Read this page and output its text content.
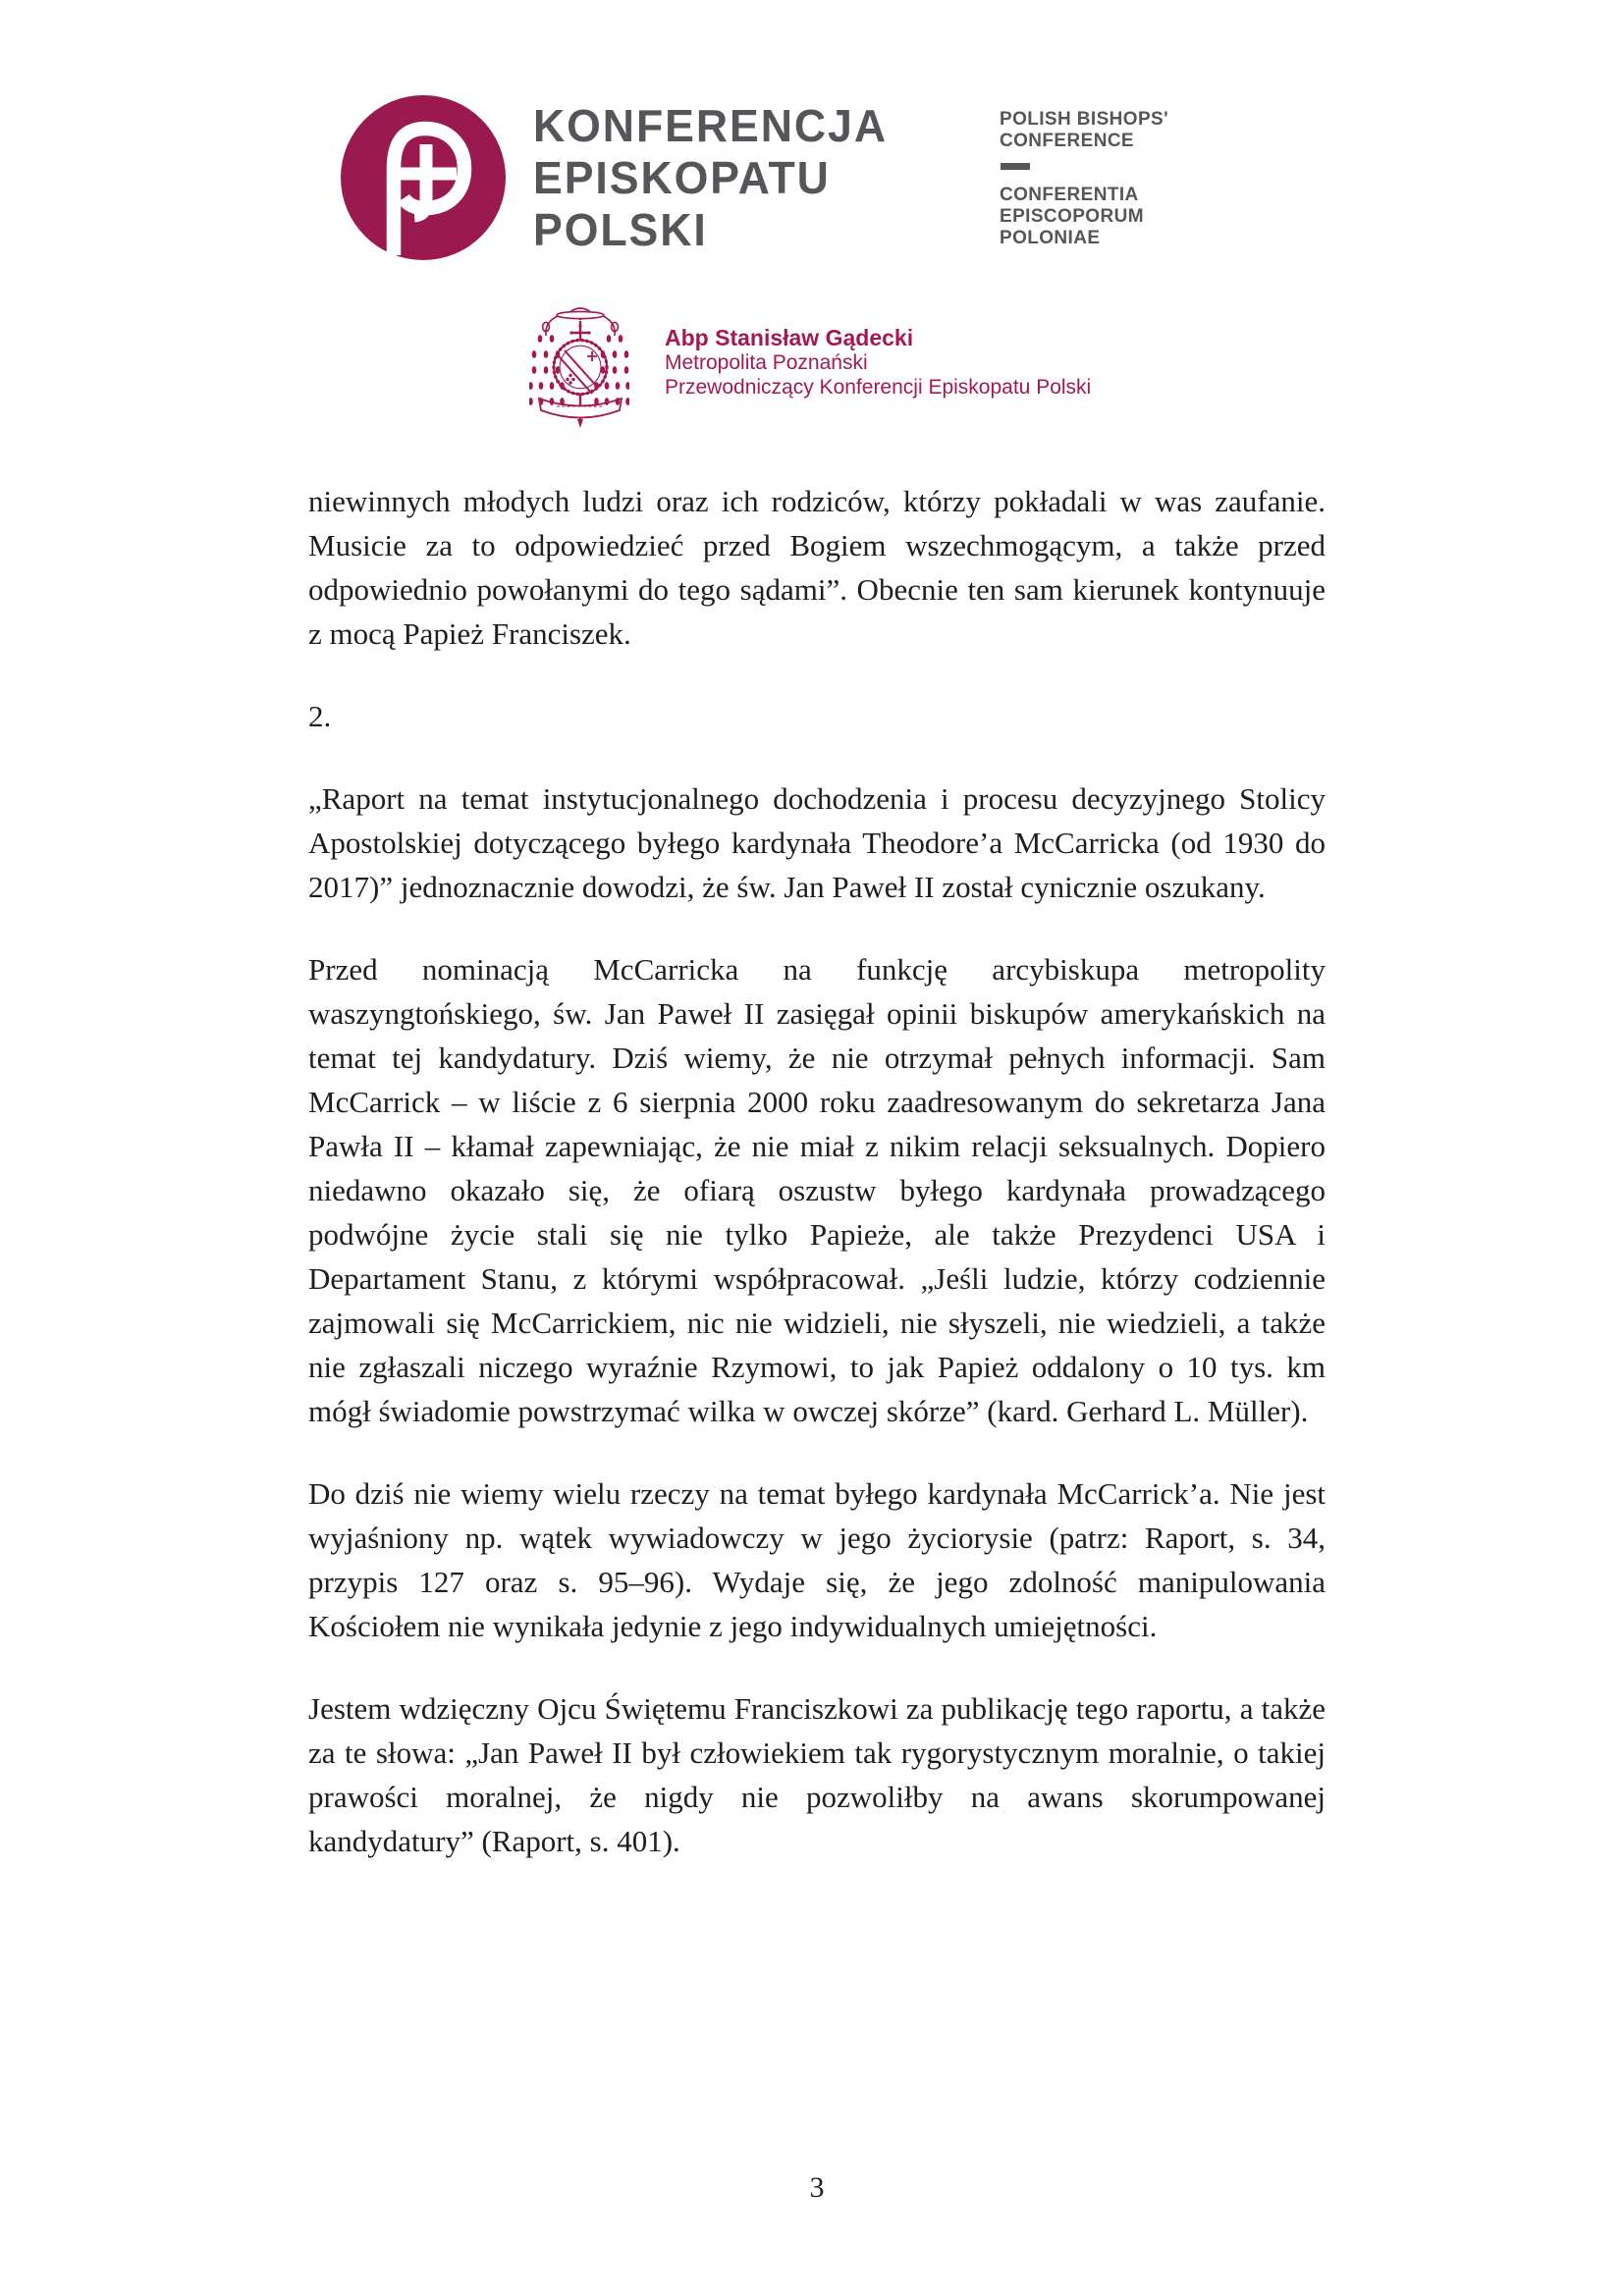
KONFERENCJA
EPISKOPATU
POLSKI
POLISH BISHOPS'
CONFERENCE
CONFERENTIA
EPISCOPORUM
POLONIAE
Abp Stanisław Gądecki
Metropolita Poznański
Przewodniczący Konferencji Episkopatu Polski

niewinnych młodych ludzi oraz ich rodziców, którzy pokładali w was zaufanie. Musicie za to odpowiedzieć przed Bogiem wszechmogącym, a także przed odpowiednio powołanymi do tego sądami”. Obecnie ten sam kierunek kontynuuje z mocą Papież Franciszek.

2.

„Raport na temat instytucjonalnego dochodzenia i procesu decyzyjnego Stolicy Apostolskiej dotyczącego byłego kardynała Theodore’a McCarricka (od 1930 do 2017)” jednoznacznie dowodzi, że św. Jan Paweł II został cynicznie oszukany.

Przed nominacją McCarricka na funkcję arcybiskupa metropolity waszyngtońskiego, św. Jan Paweł II zasięgał opinii biskupów amerykańskich na temat tej kandydatury. Dziś wiemy, że nie otrzymał pełnych informacji. Sam McCarrick – w liście z 6 sierpnia 2000 roku zaadresowanym do sekretarza Jana Pawła II – kłamał zapewniając, że nie miał z nikim relacji seksualnych. Dopiero niedawno okazało się, że ofiarą oszustw byłego kardynała prowadzącego podwójne życie stali się nie tylko Papieże, ale także Prezydenci USA i Departament Stanu, z którymi współpracował. „Jeśli ludzie, którzy codziennie zajmowali się McCarrickiem, nic nie widzieli, nie słyszeli, nie wiedzieli, a także nie zgłaszali niczego wyraźnie Rzymowi, to jak Papież oddalony o 10 tys. km mógł świadomie powstrzymać wilka w owczej skórze” (kard. Gerhard L. Müller).

Do dziś nie wiemy wielu rzeczy na temat byłego kardynała McCarrick’a. Nie jest wyjaśniony np. wątek wywiadowczy w jego życiorysie (patrz: Raport, s. 34, przypis 127 oraz s. 95–96). Wydaje się, że jego zdolność manipulowania Kościołem nie wynikała jedynie z jego indywidualnych umiejętności.

Jestem wdzięczny Ojcu Świętemu Franciszkowi za publikację tego raportu, a także za te słowa: „Jan Paweł II był człowiekiem tak rygorystycznym moralnie, o takiej prawości moralnej, że nigdy nie pozwoliłby na awans skorumpowanej kandydatury” (Raport, s. 401).

3
